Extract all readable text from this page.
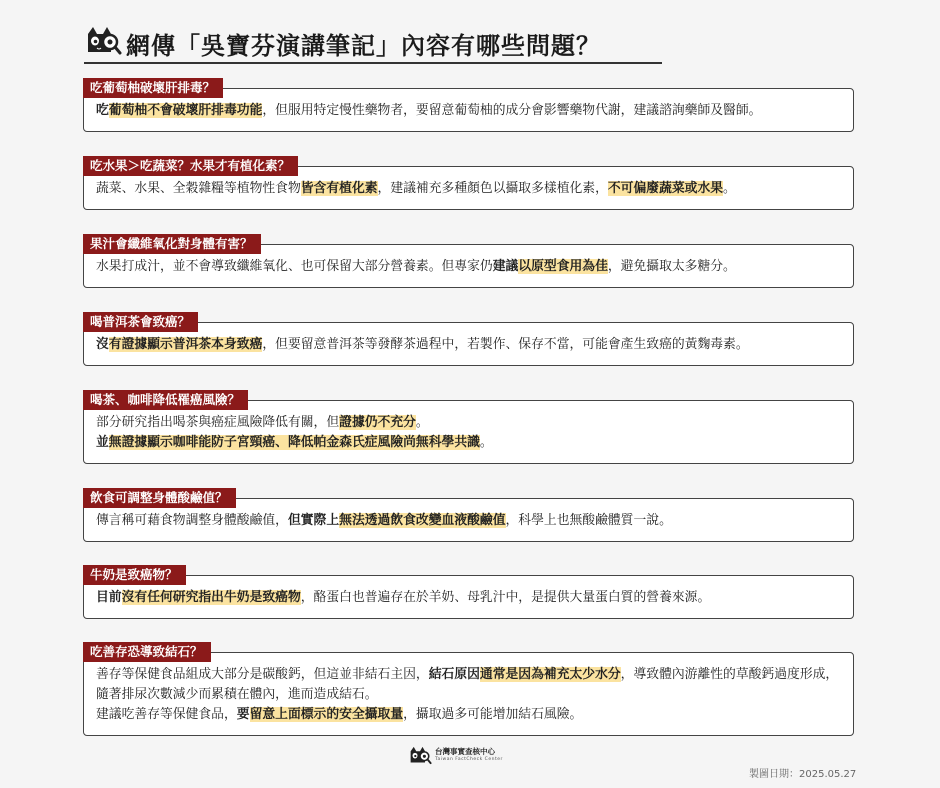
網傳「吳寶芬演講筆記」內容有哪些問題？
吃葡萄柚破壞肝排毒？
吃葡萄柚不會破壞肝排毒功能，但服用特定慢性藥物者，要留意葡萄柚的成分會影響藥物代謝，建議諮詢藥師及醫師。
吃水果＞吃蔬菜？水果才有植化素？
蔬菜、水果、全穀雜糧等植物性食物皆含有植化素，建議補充多種顏色以攝取多樣植化素，不可偏廢蔬菜或水果。
果汁會纖維氧化對身體有害？
水果打成汁，並不會導致纖維氧化、也可保留大部分營養素。但專家仍建議以原型食用為佳，避免攝取太多糖分。
喝普洱茶會致癌？
沒有證據顯示普洱茶本身致癌，但要留意普洱茶等發酵茶過程中，若製作、保存不當，可能會產生致癌的黃麴毒素。
喝茶、咖啡降低罹癌風險？
部分研究指出喝茶與癌症風險降低有關，但證據仍不充分。
並無證據顯示咖啡能防子宮頸癌、降低帕金森氏症風險尚無科學共識。
飲食可調整身體酸鹼值？
傳言稱可藉食物調整身體酸鹼值，但實際上無法透過飲食改變血液酸鹼值，科學上也無酸鹼體質一說。
牛奶是致癌物？
目前沒有任何研究指出牛奶是致癌物，酪蛋白也普遍存在於羊奶、母乳汁中，是提供大量蛋白質的營養來源。
吃善存恐導致結石？
善存等保健食品組成大部分是碳酸鈣，但這並非結石主因，結石原因通常是因為補充太少水分，導致體內游離性的草酸鈣過度形成，隨著排尿次數減少而累積在體內，進而造成結石。
建議吃善存等保健食品，要留意上面標示的安全攝取量，攝取過多可能增加結石風險。
台灣事實查核中心
Taiwan FactCheck Center
製圖日期：2025.05.27
